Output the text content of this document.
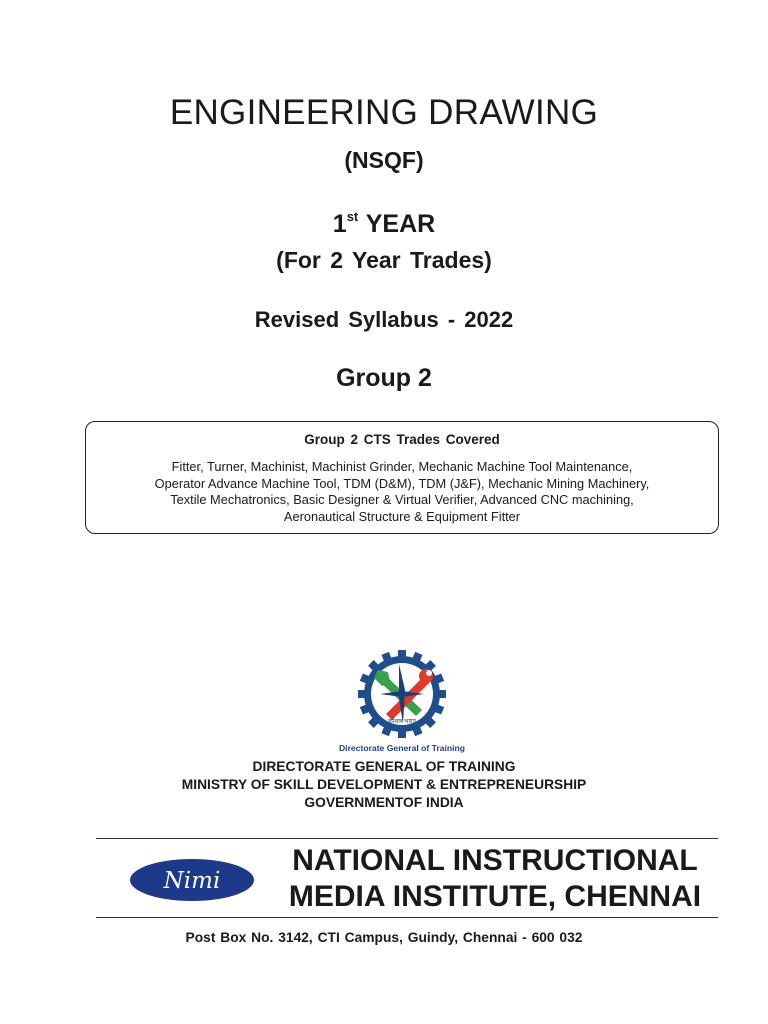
ENGINEERING DRAWING
(NSQF)
1st YEAR
(For 2 Year Trades)
Revised Syllabus - 2022
Group 2
Group 2 CTS Trades Covered
Fitter, Turner, Machinist, Machinist Grinder, Mechanic Machine Tool Maintenance,
Operator Advance Machine Tool, TDM (D&M), TDM (J&F), Mechanic Mining Machinery,
Textile Mechatronics, Basic Designer & Virtual Verifier, Advanced CNC machining,
Aeronautical Structure & Equipment Fitter
कौशल भारत
Directorate General of Training
DIRECTORATE GENERAL OF TRAINING
MINISTRY OF SKILL DEVELOPMENT & ENTREPRENEURSHIP
GOVERNMENTOF INDIA
Nimi
NATIONAL INSTRUCTIONAL
MEDIA INSTITUTE, CHENNAI
Post Box No. 3142, CTI Campus, Guindy, Chennai - 600 032
